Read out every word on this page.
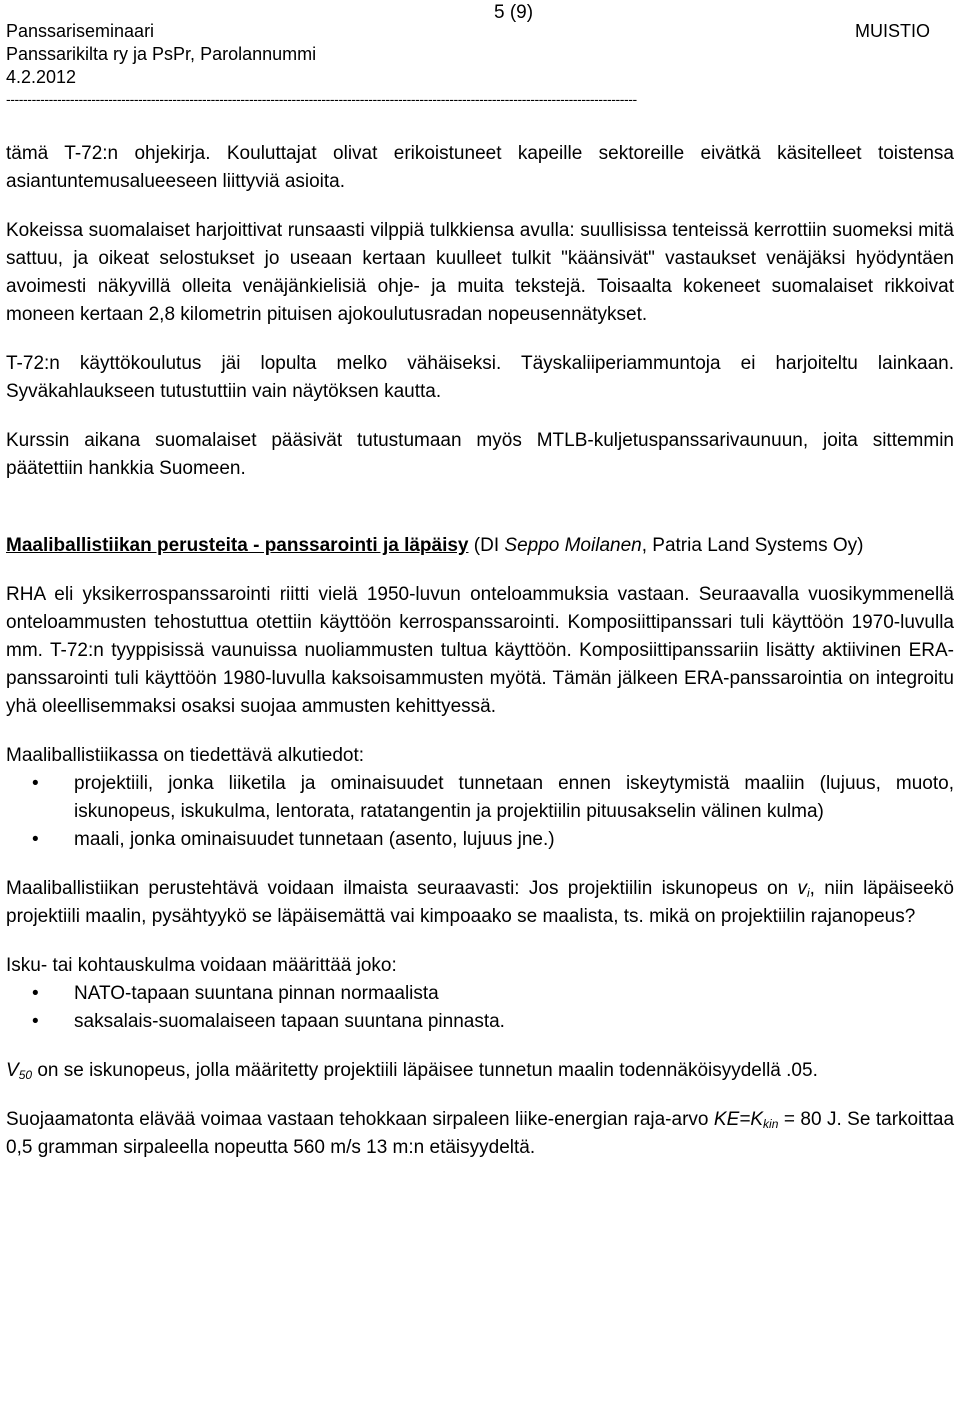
5 (9)
Panssariseminaari	MUISTIO
Panssarikilta ry ja PsPr, Parolannummi
4.2.2012
----------------------------------------------------------------------------------------------------------------------------------------------------

tämä T-72:n ohjekirja. Kouluttajat olivat erikoistuneet kapeille sektoreille eivätkä käsitelleet toistensa asiantuntemusalueeseen liittyviä asioita.

Kokeissa suomalaiset harjoittivat runsaasti vilppiä tulkkiensa avulla: suullisissa tenteissä kerrottiin suomeksi mitä sattuu, ja oikeat selostukset jo useaan kertaan kuulleet tulkit "käänsivät" vastaukset venäjäksi hyödyntäen avoimesti näkyvillä olleita venäjänkielisiä ohje- ja muita tekstejä. Toisaalta kokeneet suomalaiset rikkoivat moneen kertaan 2,8 kilometrin pituisen ajokoulutusradan nopeusennätykset.

T-72:n käyttökoulutus jäi lopulta melko vähäiseksi. Täyskaliiperiammuntoja ei harjoiteltu lainkaan. Syväkahlaukseen tutustuttiin vain näytöksen kautta.

Kurssin aikana suomalaiset pääsivät tutustumaan myös MTLB-kuljetuspanssarivaunuun, joita sittemmin päätettiin hankkia Suomeen.

Maaliballistiikan perusteita - panssarointi ja läpäisy (DI Seppo Moilanen, Patria Land Systems Oy)

RHA eli yksikerrospanssarointi riitti vielä 1950-luvun onteloammuksia vastaan. Seuraavalla vuosikymmenellä onteloammusten tehostuttua otettiin käyttöön kerrospanssarointi. Komposiittipanssari tuli käyttöön 1970-luvulla mm. T-72:n tyyppisissä vaunuissa nuoliammusten tultua käyttöön. Komposiittipanssariin lisätty aktiivinen ERA-panssarointi tuli käyttöön 1980-luvulla kaksoisammusten myötä. Tämän jälkeen ERA-panssarointia on integroitu yhä oleellisemmaksi osaksi suojaa ammusten kehittyessä.

Maaliballistiikassa on tiedettävä alkutiedot:

• projektiili, jonka liiketila ja ominaisuudet tunnetaan ennen iskeytymistä maaliin (lujuus, muoto, iskunopeus, iskukulma, lentorata, ratatangentin ja projektiilin pituusakselin välinen kulma)
• maali, jonka ominaisuudet tunnetaan (asento, lujuus jne.)

Maaliballistiikan perustehtävä voidaan ilmaista seuraavasti: Jos projektiilin iskunopeus on $v_i$, niin läpäiseekö projektiili maalin, pysähtyykö se läpäisemättä vai kimpoaako se maalista, ts. mikä on projektiilin rajanopeus?

Isku- tai kohtauskulma voidaan määrittää joko:

• NATO-tapaan suuntana pinnan normaalista
• saksalais-suomalaiseen tapaan suuntana pinnasta.

$V_{50}$ on se iskunopeus, jolla määritetty projektiili läpäisee tunnetun maalin todennäköisyydellä .05.

Suojaamatonta elävää voimaa vastaan tehokkaan sirpaleen liike-energian raja-arvo $KE=K_{kin} = 80$ J. Se tarkoittaa 0,5 gramman sirpaleella nopeutta 560 m/s 13 m:n etäisyydeltä.
